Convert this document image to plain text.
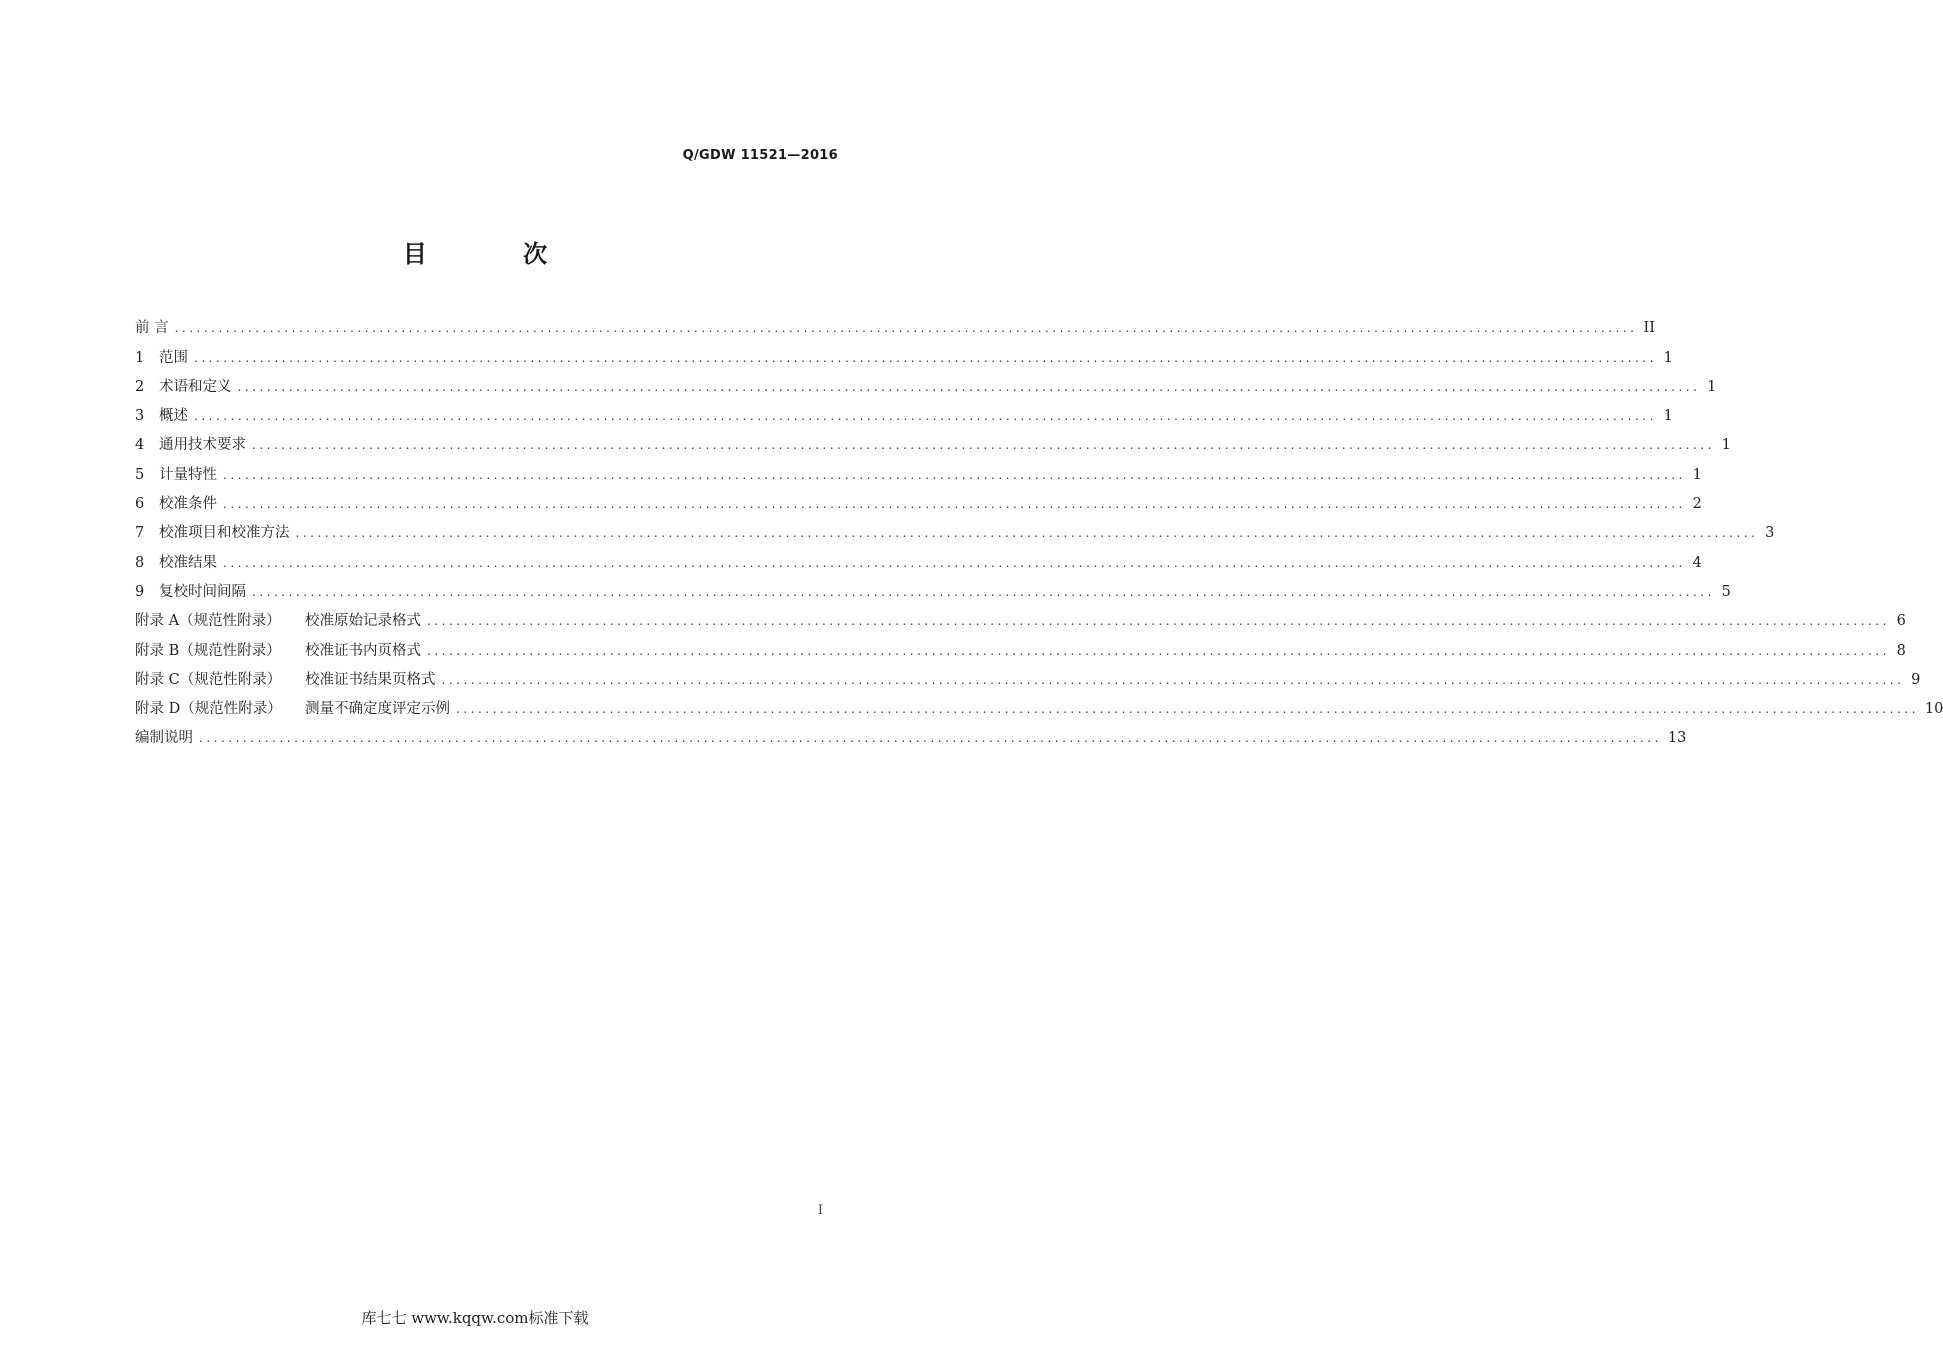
Q/GDW 11521—2016
目 次
前 言 ........................................................................................................................................................................................................ II
1	范围 ........................................................................................................................................................................................................ 1
2	术语和定义 ........................................................................................................................................................................................................ 1
3	概述 ........................................................................................................................................................................................................ 1
4	通用技术要求 ........................................................................................................................................................................................................ 1
5	计量特性 ........................................................................................................................................................................................................ 1
6	校准条件 ........................................................................................................................................................................................................ 2
7	校准项目和校准方法 ........................................................................................................................................................................................................ 3
8	校准结果 ........................................................................................................................................................................................................ 4
9	复校时间间隔 ........................................................................................................................................................................................................ 5
附录 A（规范性附录）	校准原始记录格式 ........................................................................................................................................................................................................ 6
附录 B（规范性附录）	校准证书内页格式 ........................................................................................................................................................................................................ 8
附录 C（规范性附录）	校准证书结果页格式 ........................................................................................................................................................................................................ 9
附录 D（规范性附录）	测量不确定度评定示例 ........................................................................................................................................................................................................ 10
编制说明 ........................................................................................................................................................................................................ 13
I
库七七 www.kqqw.com标准下载
